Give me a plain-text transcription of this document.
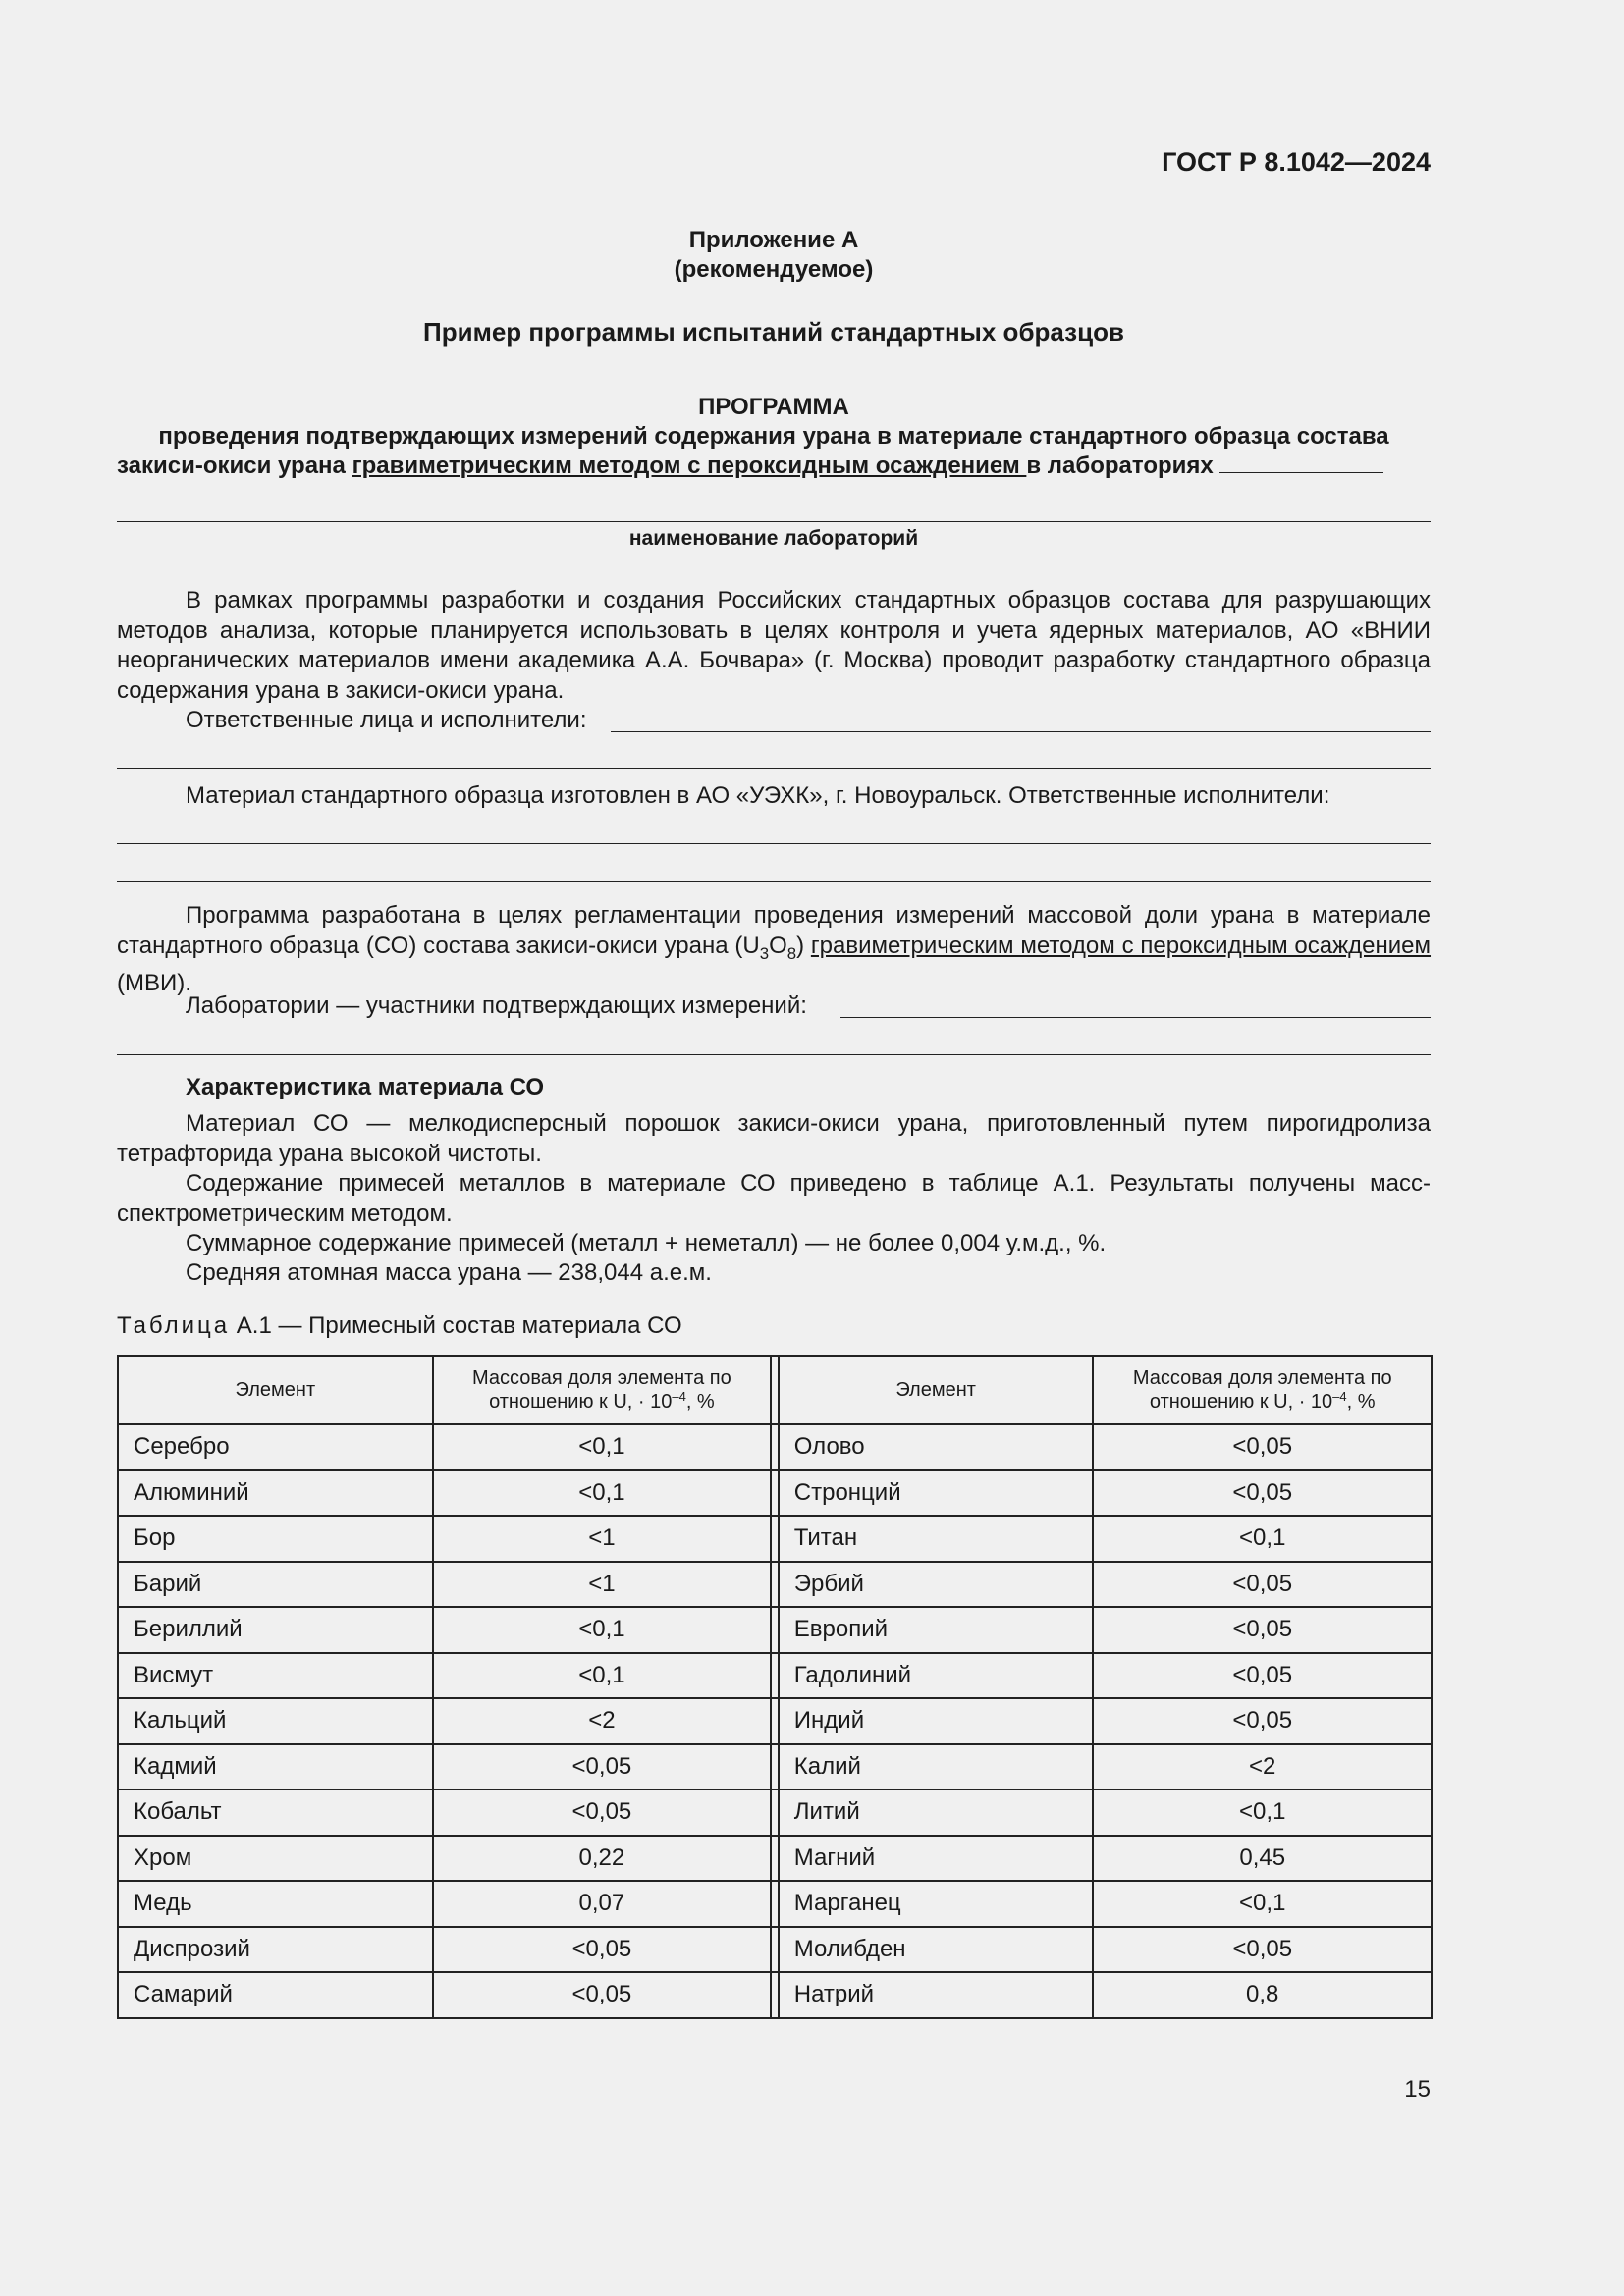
ГОСТ Р 8.1042—2024
Приложение А
(рекомендуемое)
Пример программы испытаний стандартных образцов
ПРОГРАММА
проведения подтверждающих измерений содержания урана в материале стандартного образца состава
закиси-окиси урана гравиметрическим методом с пероксидным осаждением в лабораториях
наименование лабораторий
В рамках программы разработки и создания Российских стандартных образцов состава для разрушающих методов анализа, которые планируется использовать в целях контроля и учета ядерных материалов, АО «ВНИИ неорганических материалов имени академика А.А. Бочвара» (г. Москва) проводит разработку стандартного образца содержания урана в закиси-окиси урана.
Ответственные лица и исполнители:
Материал стандартного образца изготовлен в АО «УЭХК», г. Новоуральск. Ответственные исполнители:
Программа разработана в целях регламентации проведения измерений массовой доли урана в материале стандартного образца (СО) состава закиси-окиси урана $(U_3O_8)$ гравиметрическим методом с пероксидным осаждением (МВИ).
Лаборатории — участники подтверждающих измерений:
Характеристика материала СО
Материал СО — мелкодисперсный порошок закиси-окиси урана, приготовленный путем пирогидролиза тетрафторида урана высокой чистоты.
Содержание примесей металлов в материале СО приведено в таблице А.1. Результаты получены масс-спектрометрическим методом.
Суммарное содержание примесей (металл + неметалл) — не более 0,004 у.м.д., %.
Средняя атомная масса урана — 238,044 а.е.м.
Таблица А.1 — Примесный состав материала СО
Элемент	Массовая доля элемента по отношению к U, · $10^{-4}$, %		Элемент	Массовая доля элемента по отношению к U, · $10^{-4}$, %
Серебро	<0,1		Олово	<0,05
Алюминий	<0,1		Стронций	<0,05
Бор	<1		Титан	<0,1
Барий	<1		Эрбий	<0,05
Бериллий	<0,1		Европий	<0,05
Висмут	<0,1		Гадолиний	<0,05
Кальций	<2		Индий	<0,05
Кадмий	<0,05		Калий	<2
Кобальт	<0,05		Литий	<0,1
Хром	0,22		Магний	0,45
Медь	0,07		Марганец	<0,1
Диспрозий	<0,05		Молибден	<0,05
Самарий	<0,05		Натрий	0,8
15
